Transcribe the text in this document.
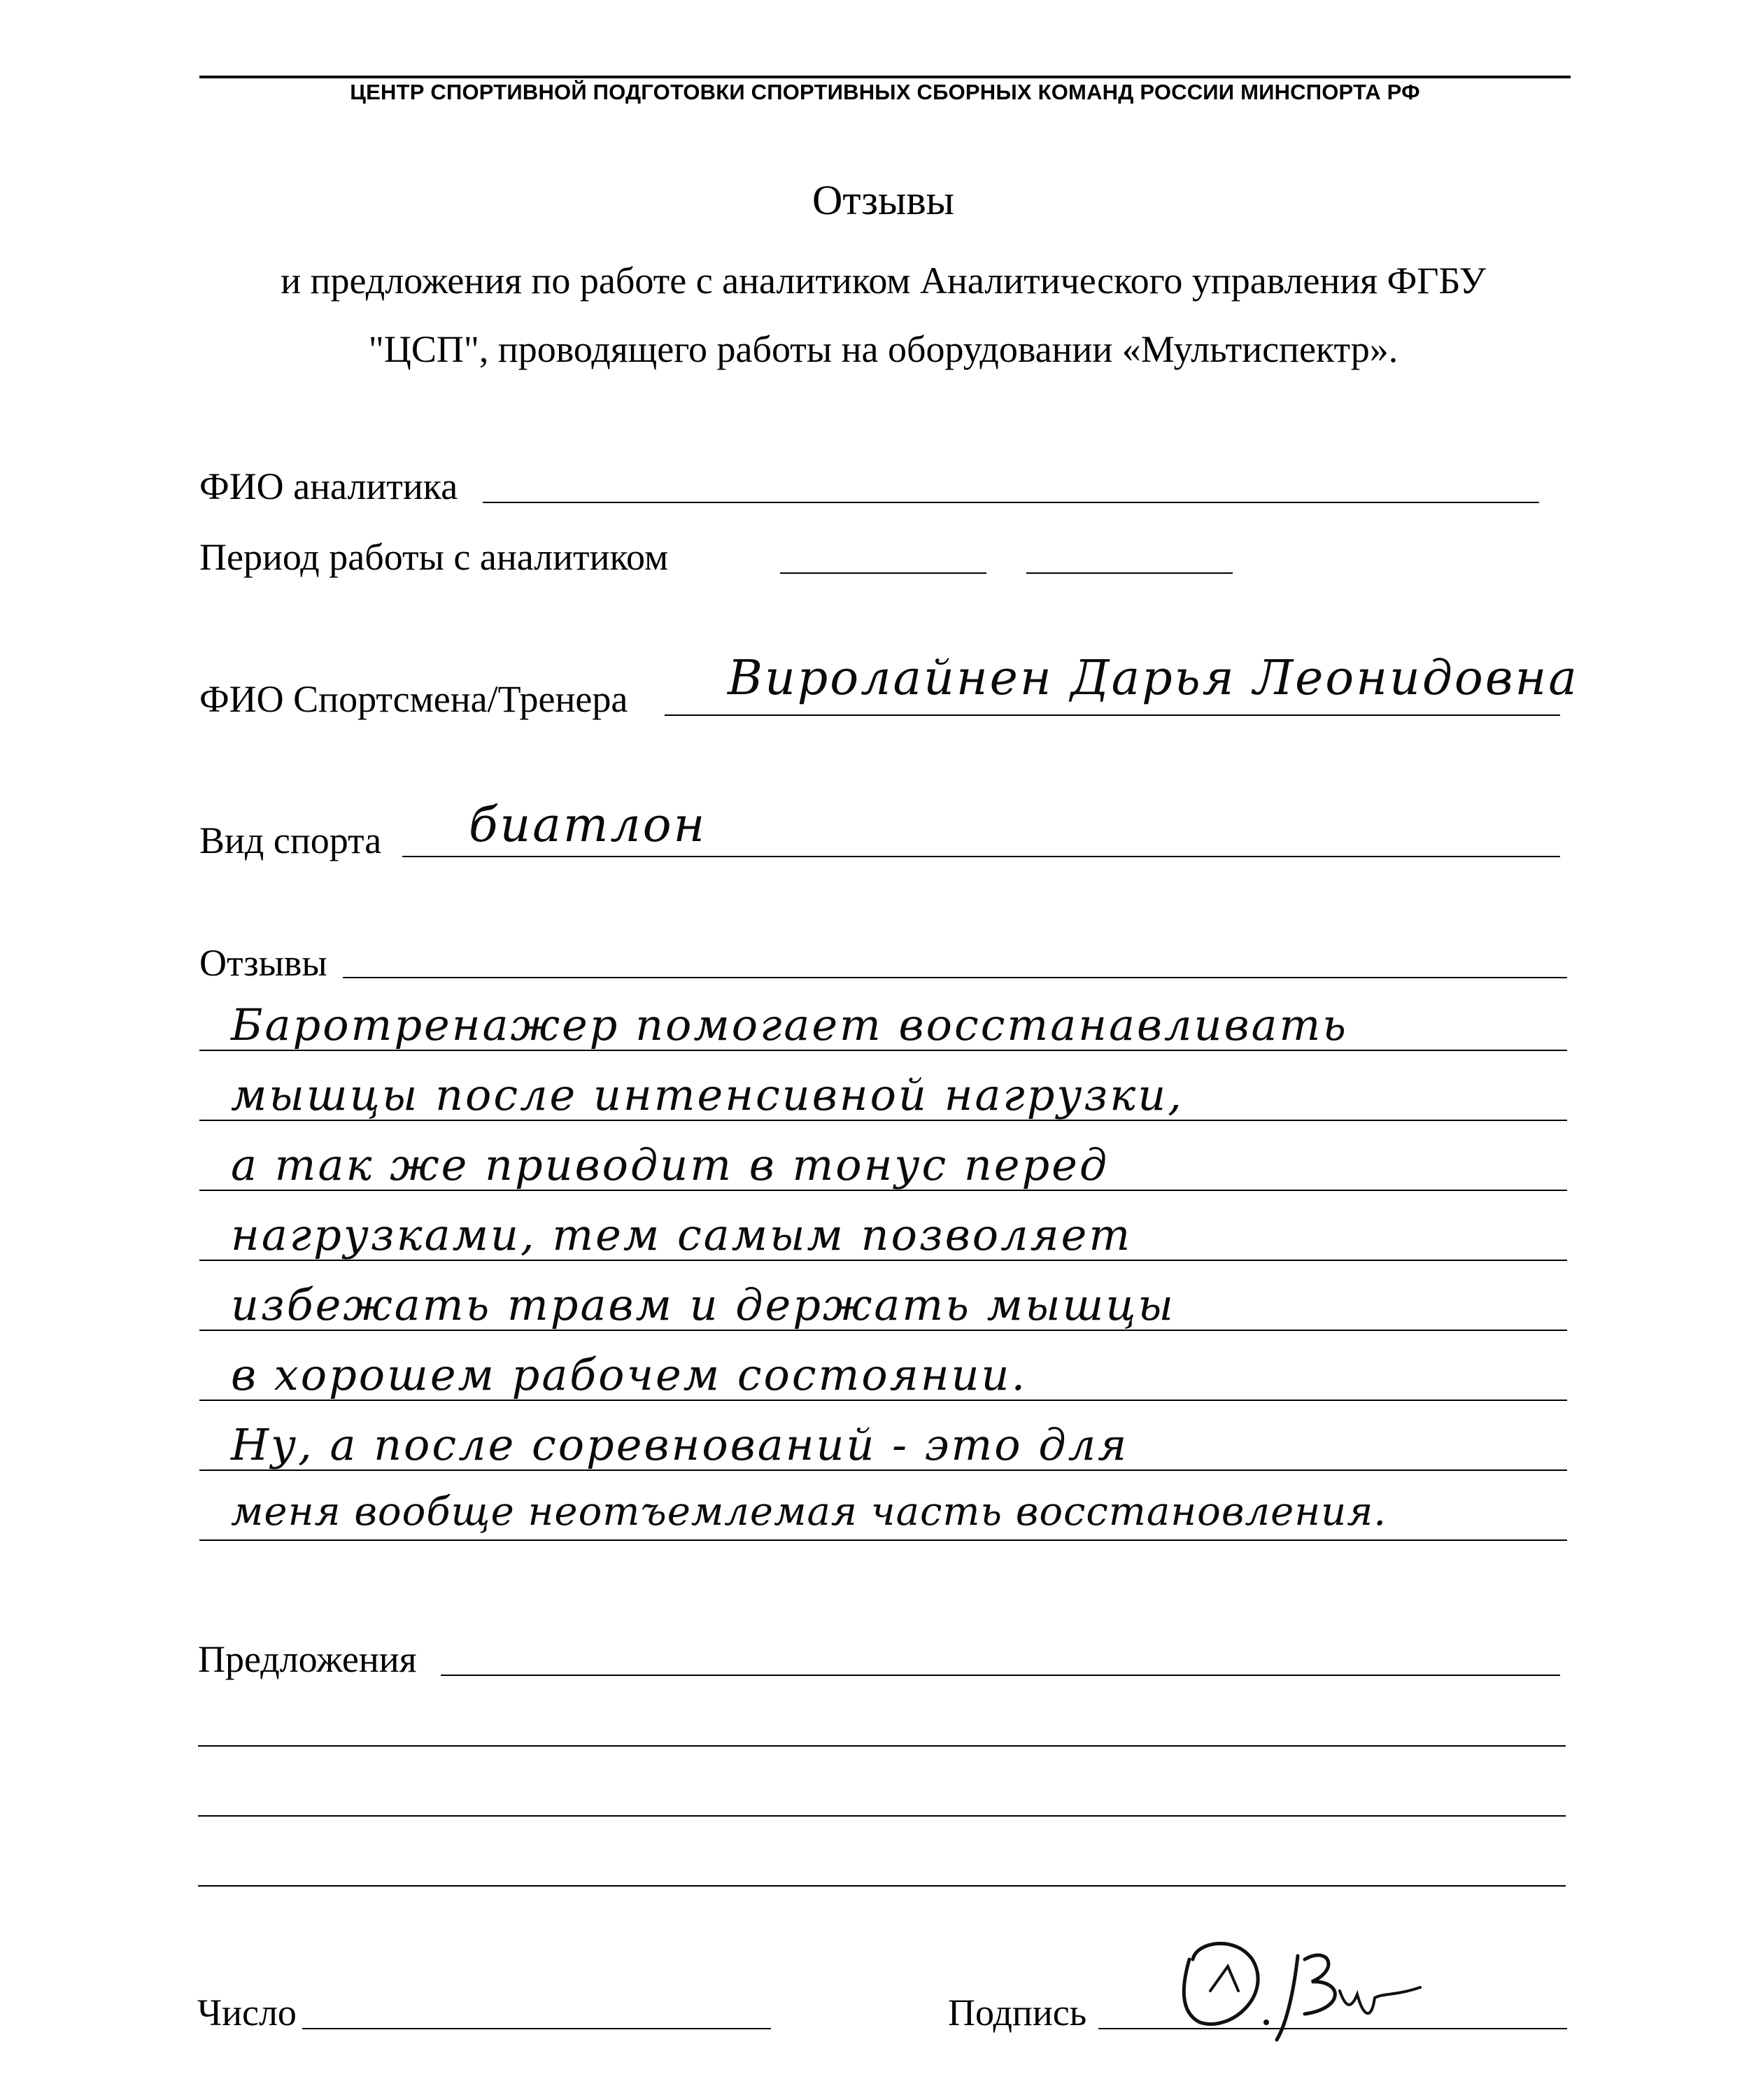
ЦЕНТР СПОРТИВНОЙ ПОДГОТОВКИ СПОРТИВНЫХ СБОРНЫХ КОМАНД РОССИИ МИНСПОРТА РФ
Отзывы
и предложения по работе с аналитиком Аналитического управления ФГБУ
"ЦСП", проводящего работы на оборудовании «Мультиспектр».
ФИО аналитика
Период работы с аналитиком
ФИО Спортсмена/Тренера Виролайнен Дарья Леонидовна
Вид спорта биатлон
Отзывы
Баротренажер помогает восстанавливать
мышцы после интенсивной нагрузки,
а так же приводит в тонус перед
нагрузками, тем самым позволяет
избежать травм и держать мышцы
в хорошем рабочем состоянии.
Ну, а после соревнований - это для
меня вообще неотъемлемая часть восстановления.
Предложения
Число	Подпись
